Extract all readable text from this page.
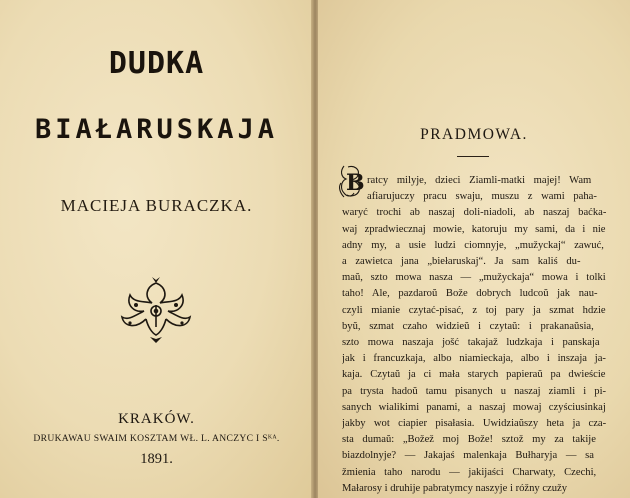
DUDKA
BIAŁARUSKAJA
MACIEJA BURACZKA.
KRAKÓW.
DRUKAWAU SWAIM KOSZTAM WŁ. L. ANCZYC I Sᴷᴬ.
1891.
PRADMOWA.
B ratcy milyje, dzieci Ziamli-matki majej! Wam
afiarujuczy pracu swaju, muszu z wami paha-
waryć trochi ab naszaj doli-niadoli, ab naszaj baćka-
waj zpradwiecznaj mowie, katoruju my sami, da i nie
adny my, a usie ludzi ciomnyje, „mužyckaj“ zawuć,
a zawietca jana „biełaruskaj“. Ja sam kaliś du-
maŭ, szto mowa nasza — „mužyckaja“ mowa i tolki
taho! Ale, pazdaroŭ Bože dobrych ludcoŭ jak nau-
czyli mianie czytać-pisać, z toj pary ja szmat hdzie
byŭ, szmat czaho widzieŭ i czytaŭ: i prakanaŭsia,
szto mowa naszaja jošć takajaž ludzkaja i panskaja
jak i francuzkaja, albo niamieckaja, albo i inszaja ja-
kaja. Czytaŭ ja ci mała starych papieraŭ pa dwieście
pa trysta hadoŭ tamu pisanych u naszaj ziamli i pi-
sanych wialikimi panami, a naszaj mowaj czyściusinkaj
jakby wot ciapier pisałasia. Uwidziaŭszy heta ja cza-
sta dumaŭ: „Božež moj Bože! sztož my za takije
biazdolnyje? — Jakajaś malenkaja Bułharyja — sa
žmienia taho narodu — jakijaści Charwaty, Czechi,
Małarosy i druhije pabratymcy naszyje i róžny czužy
